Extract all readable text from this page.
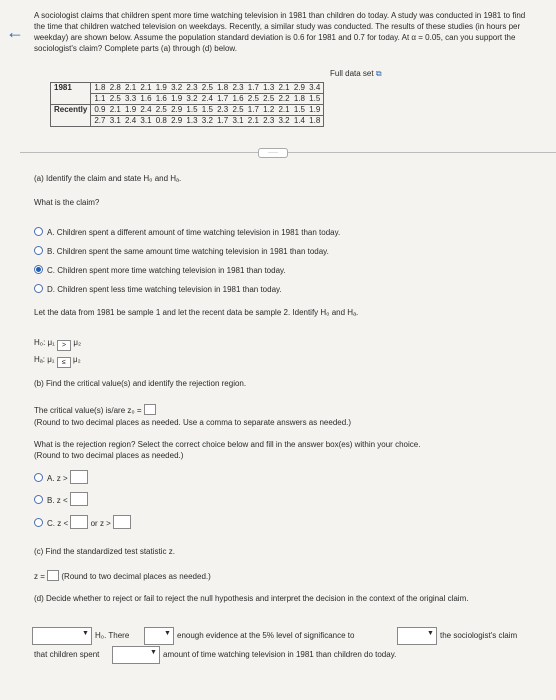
←
A sociologist claims that children spent more time watching television in 1981 than children do today. A study was conducted in 1981 to find the time that children watched television on weekdays. Recently, a similar study was conducted. The results of these studies (in hours per weekday) are shown below. Assume the population standard deviation is 0.6 for 1981 and 0.7 for today. At α = 0.05, can you support the sociologist's claim? Complete parts (a) through (d) below.
Full data set ⧉
1981	1.8 2.8 2.1 2.1 1.9 3.2 2.3 2.5 1.8 2.3 1.7 1.3 2.1 2.9 3.4
	1.1 2.5 3.3 1.6 1.6 1.9 3.2 2.4 1.7 1.6 2.5 2.5 2.2 1.8 1.5
Recently	0.9 2.1 1.9 2.4 2.5 2.9 1.5 1.5 2.3 2.5 1.7 1.2 2.1 1.5 1.9
	2.7 3.1 2.4 3.1 0.8 2.9 1.3 3.2 1.7 3.1 2.1 2.3 3.2 1.4 1.8
·····
(a) Identify the claim and state H₀ and Hₐ.
What is the claim?
A. Children spent a different amount of time watching television in 1981 than today.
B. Children spent the same amount time watching television in 1981 than today.
C. Children spent more time watching television in 1981 than today.
D. Children spent less time watching television in 1981 than today.
Let the data from 1981 be sample 1 and let the recent data be sample 2. Identify H₀ and Hₐ.
H₀: μ₁ > μ₂
Hₐ: μ₁ ≤ μ₂
(b) Find the critical value(s) and identify the rejection region.
The critical value(s) is/are z₀ =
(Round to two decimal places as needed. Use a comma to separate answers as needed.)
What is the rejection region? Select the correct choice below and fill in the answer box(es) within your choice.
(Round to two decimal places as needed.)
A. z >
B. z <
C. z <	or z >
(c) Find the standardized test statistic z.
z = (Round to two decimal places as needed.)
(d) Decide whether to reject or fail to reject the null hypothesis and interpret the decision in the context of the original claim.
▼ H₀. There	▼ enough evidence at the 5% level of significance to	▼ the sociologist's claim
that children spent	▼ amount of time watching television in 1981 than children do today.
